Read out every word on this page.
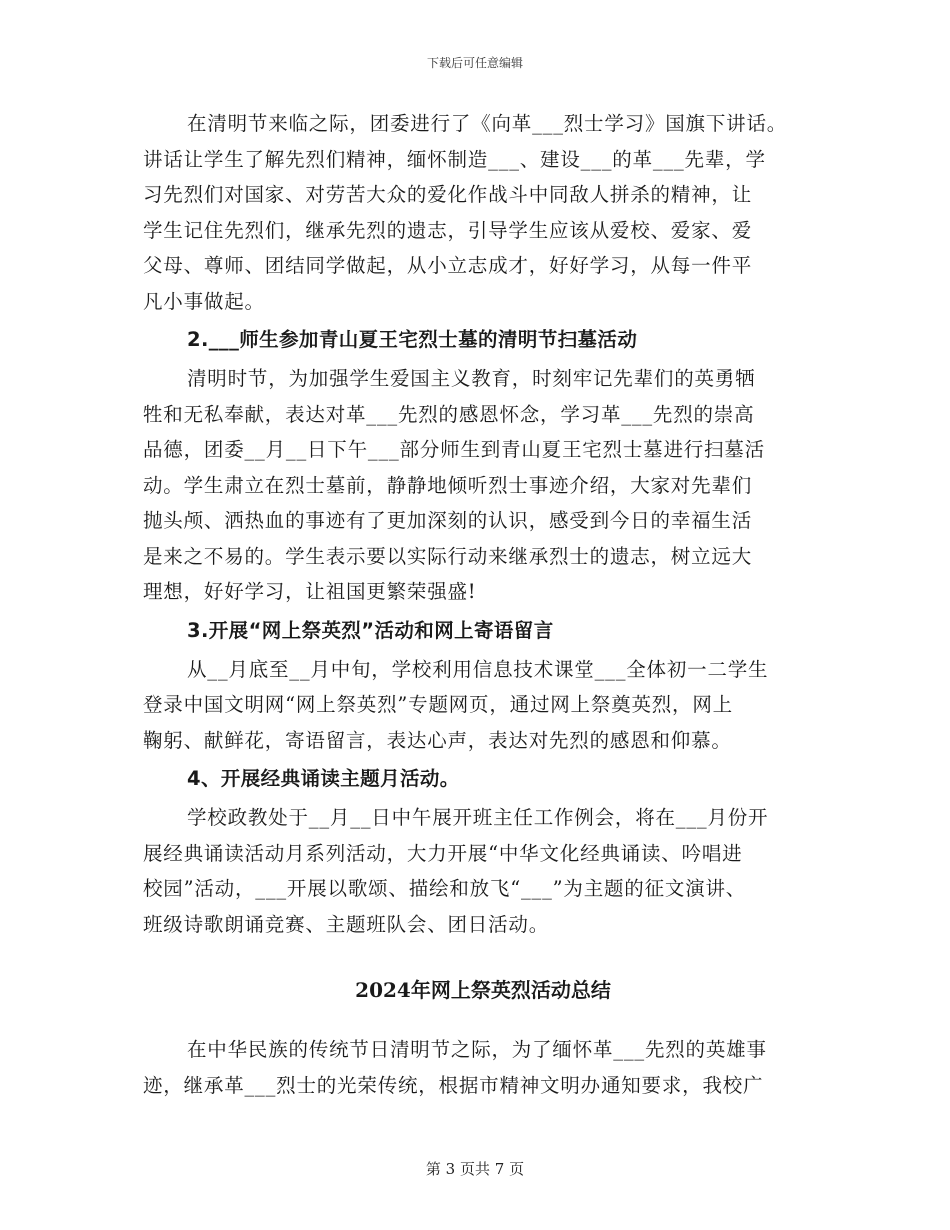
下载后可任意编辑

在清明节来临之际，团委进行了《向革___烈士学习》国旗下讲话。
讲话让学生了解先烈们精神，缅怀制造___、建设___的革___先辈，学
习先烈们对国家、对劳苦大众的爱化作战斗中同敌人拼杀的精神，让
学生记住先烈们，继承先烈的遗志，引导学生应该从爱校、爱家、爱
父母、尊师、团结同学做起，从小立志成才，好好学习，从每一件平
凡小事做起。

2.___师生参加青山夏王宅烈士墓的清明节扫墓活动

清明时节，为加强学生爱国主义教育，时刻牢记先辈们的英勇牺
牲和无私奉献，表达对革___先烈的感恩怀念，学习革___先烈的崇高
品德，团委__月__日下午___部分师生到青山夏王宅烈士墓进行扫墓活
动。学生肃立在烈士墓前，静静地倾听烈士事迹介绍，大家对先辈们
抛头颅、洒热血的事迹有了更加深刻的认识，感受到今日的幸福生活
是来之不易的。学生表示要以实际行动来继承烈士的遗志，树立远大
理想，好好学习，让祖国更繁荣强盛!

3.开展“网上祭英烈”活动和网上寄语留言

从__月底至__月中旬，学校利用信息技术课堂___全体初一二学生
登录中国文明网“网上祭英烈”专题网页，通过网上祭奠英烈，网上
鞠躬、献鲜花，寄语留言，表达心声，表达对先烈的感恩和仰慕。

4、开展经典诵读主题月活动。

学校政教处于__月__日中午展开班主任工作例会，将在___月份开
展经典诵读活动月系列活动，大力开展“中华文化经典诵读、吟唱进
校园”活动，___开展以歌颂、描绘和放飞“___”为主题的征文演讲、
班级诗歌朗诵竞赛、主题班队会、团日活动。

2024年网上祭英烈活动总结

在中华民族的传统节日清明节之际，为了缅怀革___先烈的英雄事
迹，继承革___烈士的光荣传统，根据市精神文明办通知要求，我校广

第 3 页共 7 页
